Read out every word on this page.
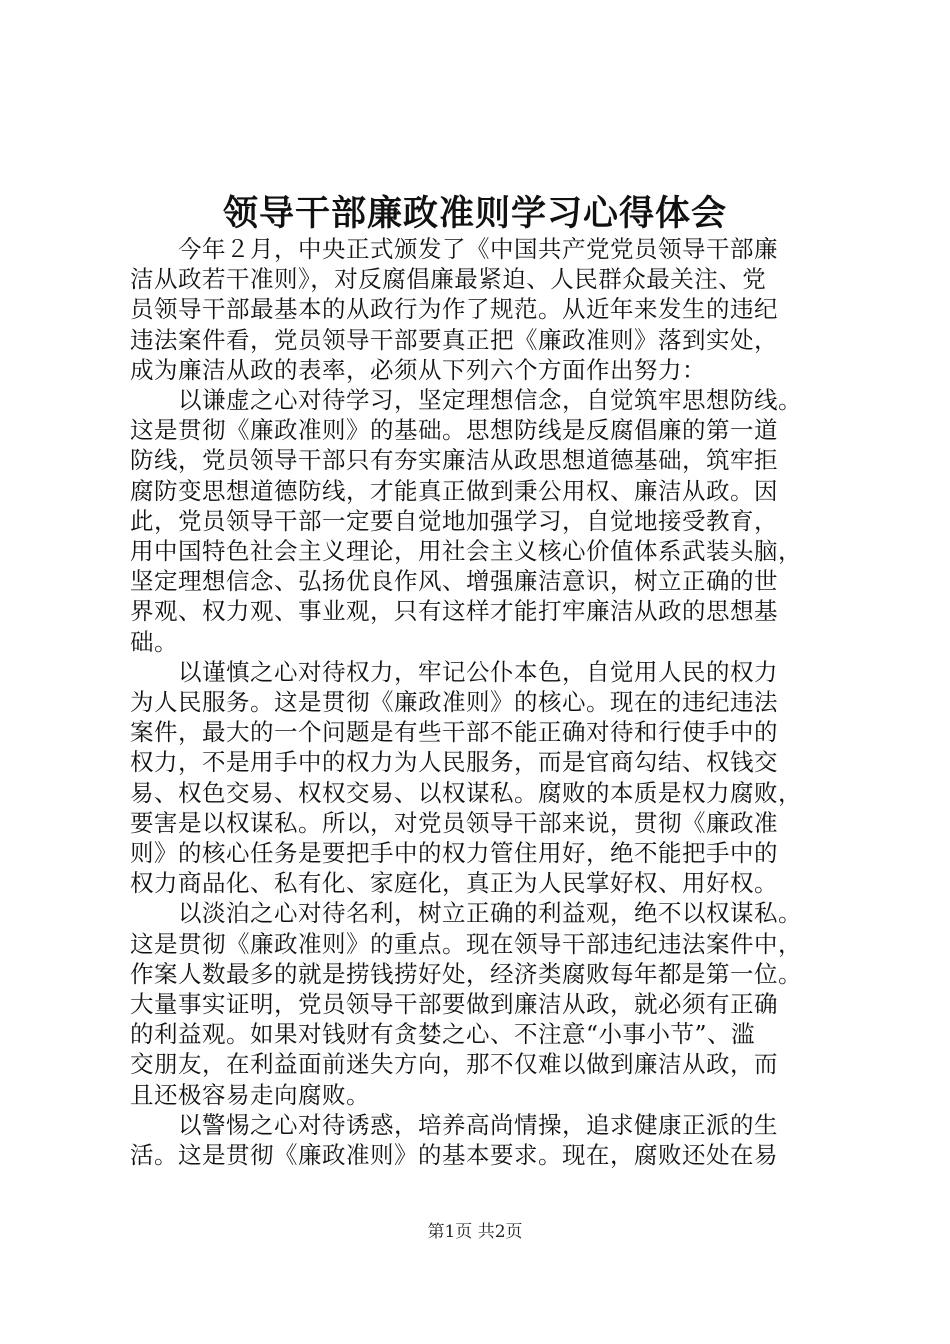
领导干部廉政准则学习心得体会
　　今年２月，中央正式颁发了《中国共产党党员领导干部廉
洁从政若干准则》，对反腐倡廉最紧迫、人民群众最关注、党
员领导干部最基本的从政行为作了规范。从近年来发生的违纪
违法案件看，党员领导干部要真正把《廉政准则》落到实处，
成为廉洁从政的表率，必须从下列六个方面作出努力：
　　以谦虚之心对待学习，坚定理想信念，自觉筑牢思想防线。
这是贯彻《廉政准则》的基础。思想防线是反腐倡廉的第一道
防线，党员领导干部只有夯实廉洁从政思想道德基础，筑牢拒
腐防变思想道德防线，才能真正做到秉公用权、廉洁从政。因
此，党员领导干部一定要自觉地加强学习，自觉地接受教育，
用中国特色社会主义理论，用社会主义核心价值体系武装头脑，
坚定理想信念、弘扬优良作风、增强廉洁意识，树立正确的世
界观、权力观、事业观，只有这样才能打牢廉洁从政的思想基
础。
　　以谨慎之心对待权力，牢记公仆本色，自觉用人民的权力
为人民服务。这是贯彻《廉政准则》的核心。现在的违纪违法
案件，最大的一个问题是有些干部不能正确对待和行使手中的
权力，不是用手中的权力为人民服务，而是官商勾结、权钱交
易、权色交易、权权交易、以权谋私。腐败的本质是权力腐败，
要害是以权谋私。所以，对党员领导干部来说，贯彻《廉政准
则》的核心任务是要把手中的权力管住用好，绝不能把手中的
权力商品化、私有化、家庭化，真正为人民掌好权、用好权。
　　以淡泊之心对待名利，树立正确的利益观，绝不以权谋私。
这是贯彻《廉政准则》的重点。现在领导干部违纪违法案件中，
作案人数最多的就是捞钱捞好处，经济类腐败每年都是第一位。
大量事实证明，党员领导干部要做到廉洁从政，就必须有正确
的利益观。如果对钱财有贪婪之心、不注意“小事小节”、滥
交朋友，在利益面前迷失方向，那不仅难以做到廉洁从政，而
且还极容易走向腐败。
　　以警惕之心对待诱惑，培养高尚情操，追求健康正派的生
活。这是贯彻《廉政准则》的基本要求。现在，腐败还处在易
第1页 共2页
